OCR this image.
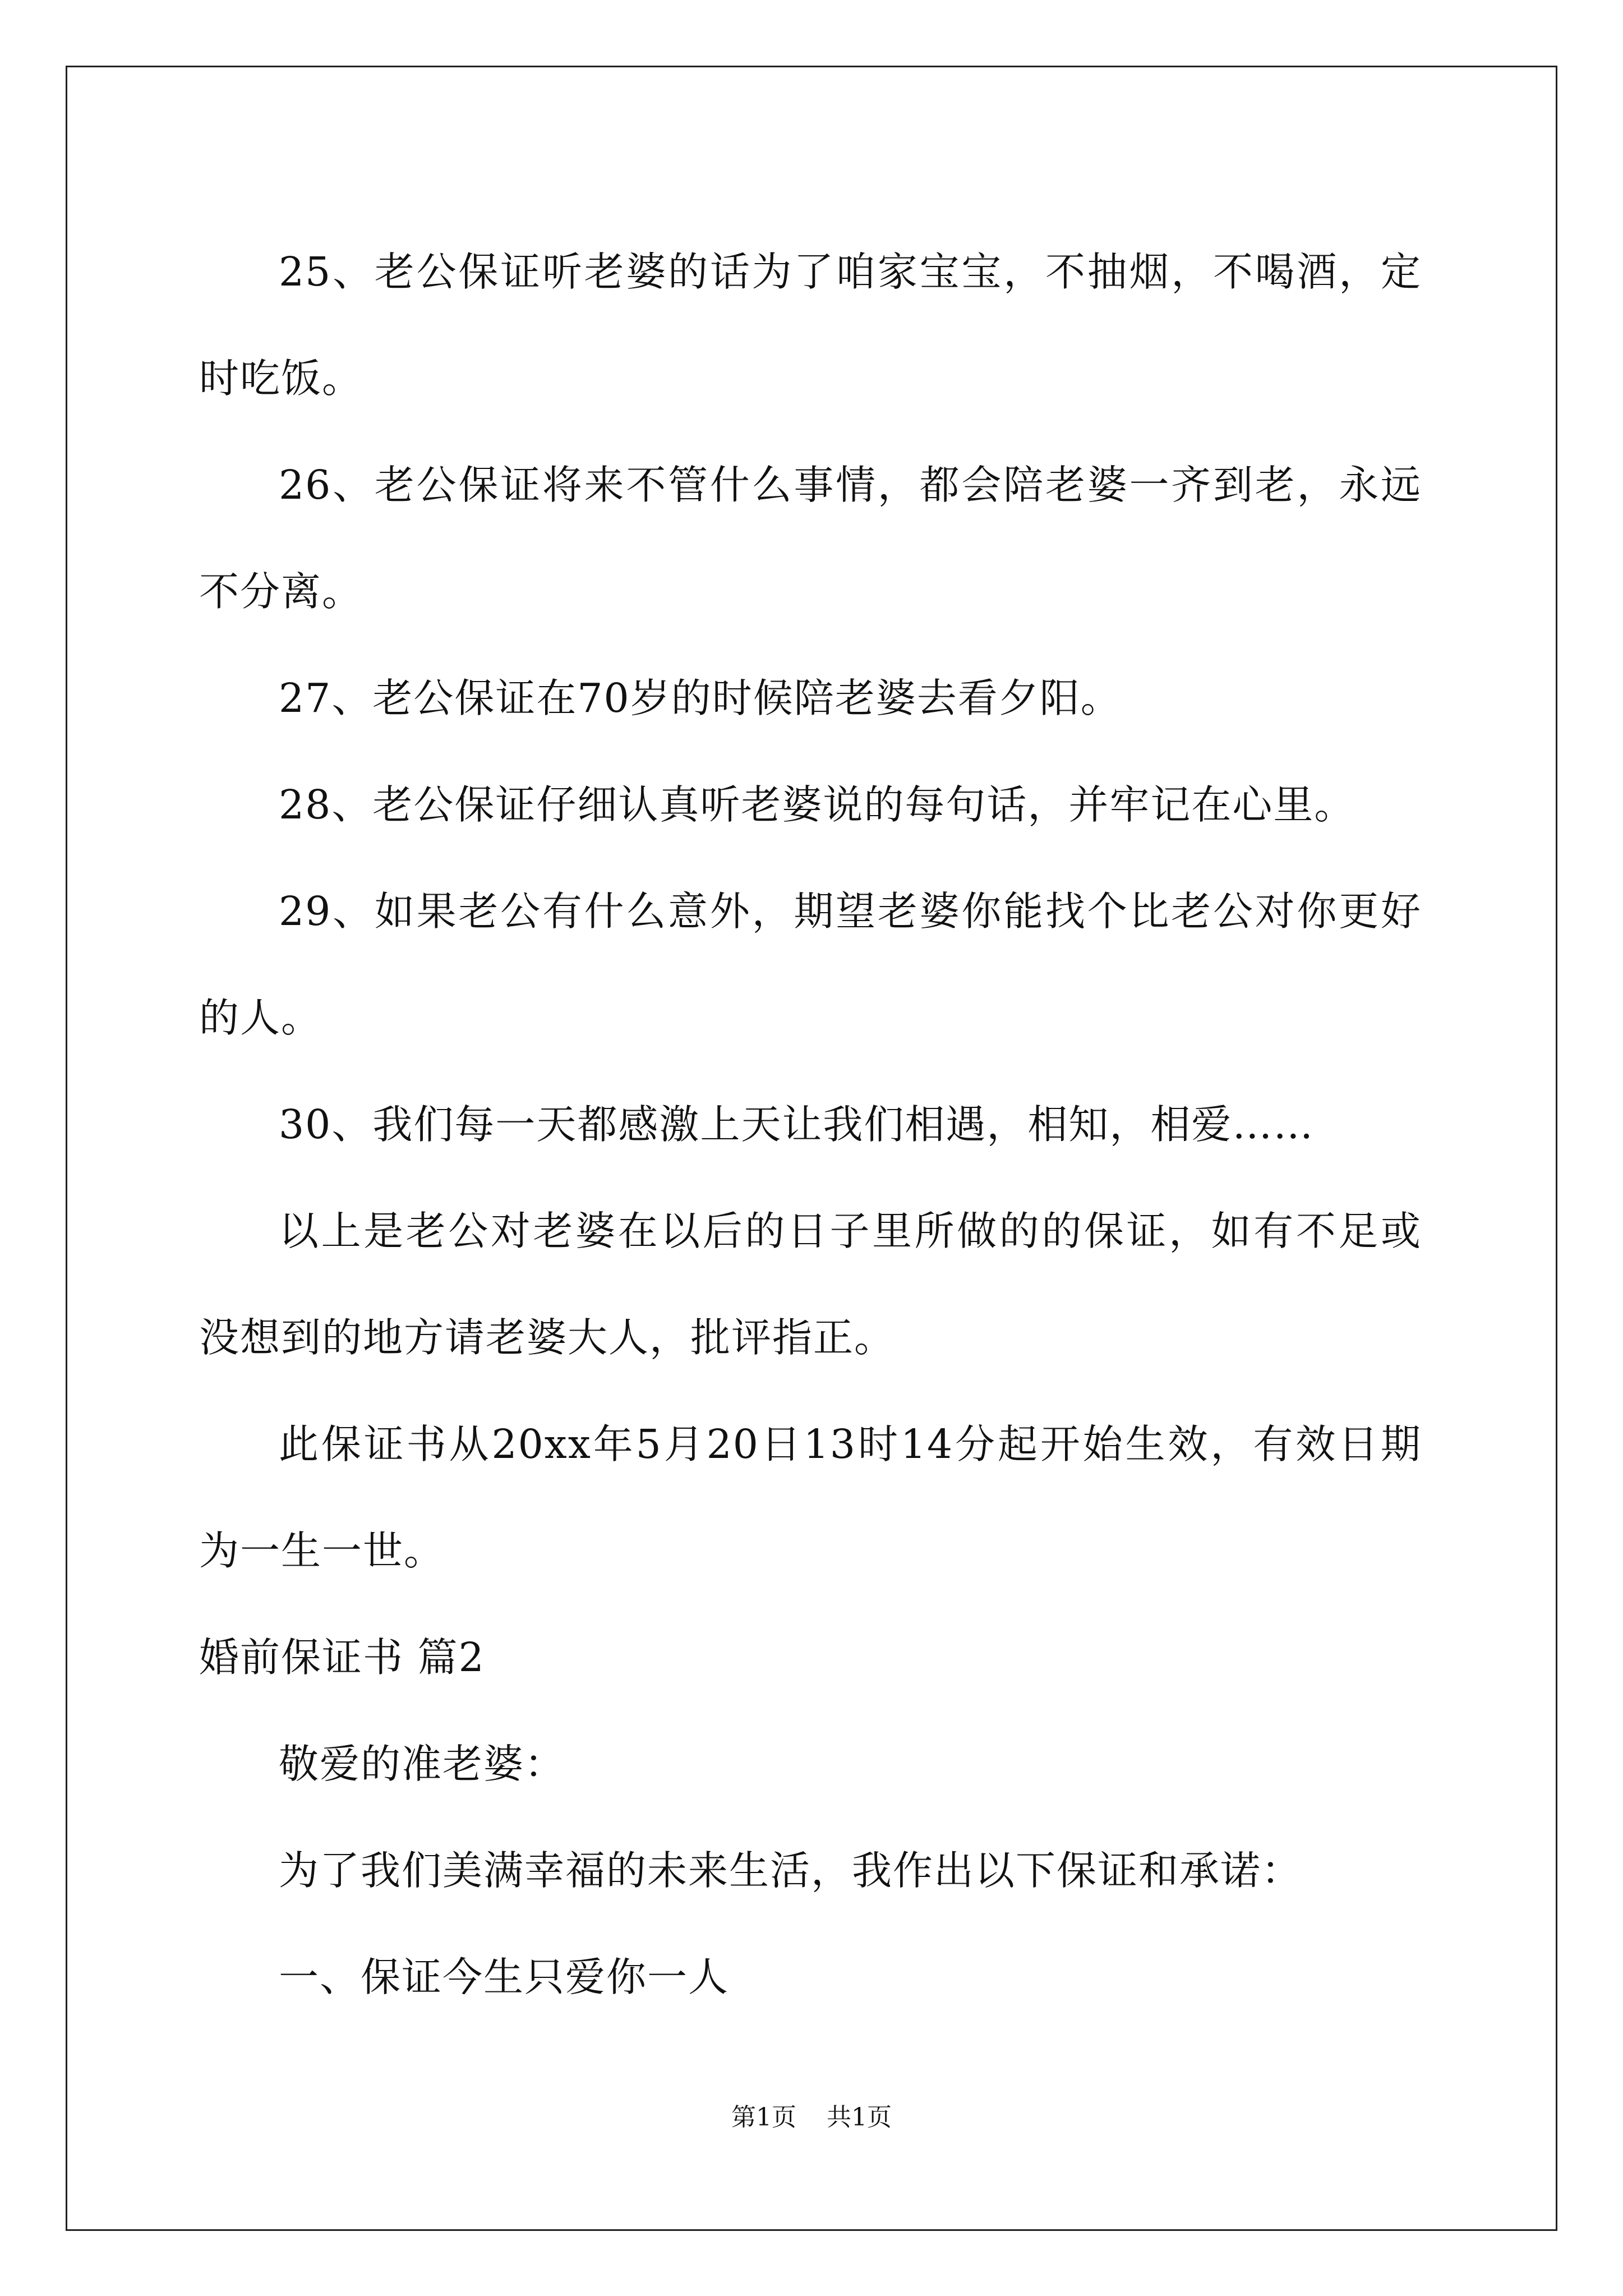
25、老公保证听老婆的话为了咱家宝宝，不抽烟，不喝酒，定时吃饭。

26、老公保证将来不管什么事情，都会陪老婆一齐到老，永远不分离。

27、老公保证在70岁的时候陪老婆去看夕阳。

28、老公保证仔细认真听老婆说的每句话，并牢记在心里。

29、如果老公有什么意外，期望老婆你能找个比老公对你更好的人。

30、我们每一天都感激上天让我们相遇，相知，相爱……

以上是老公对老婆在以后的日子里所做的的保证，如有不足或没想到的地方请老婆大人，批评指正。

此保证书从20xx年5月20日13时14分起开始生效，有效日期为一生一世。

婚前保证书 篇2

敬爱的准老婆：

为了我们美满幸福的未来生活，我作出以下保证和承诺：

一、保证今生只爱你一人

第1页 共1页
